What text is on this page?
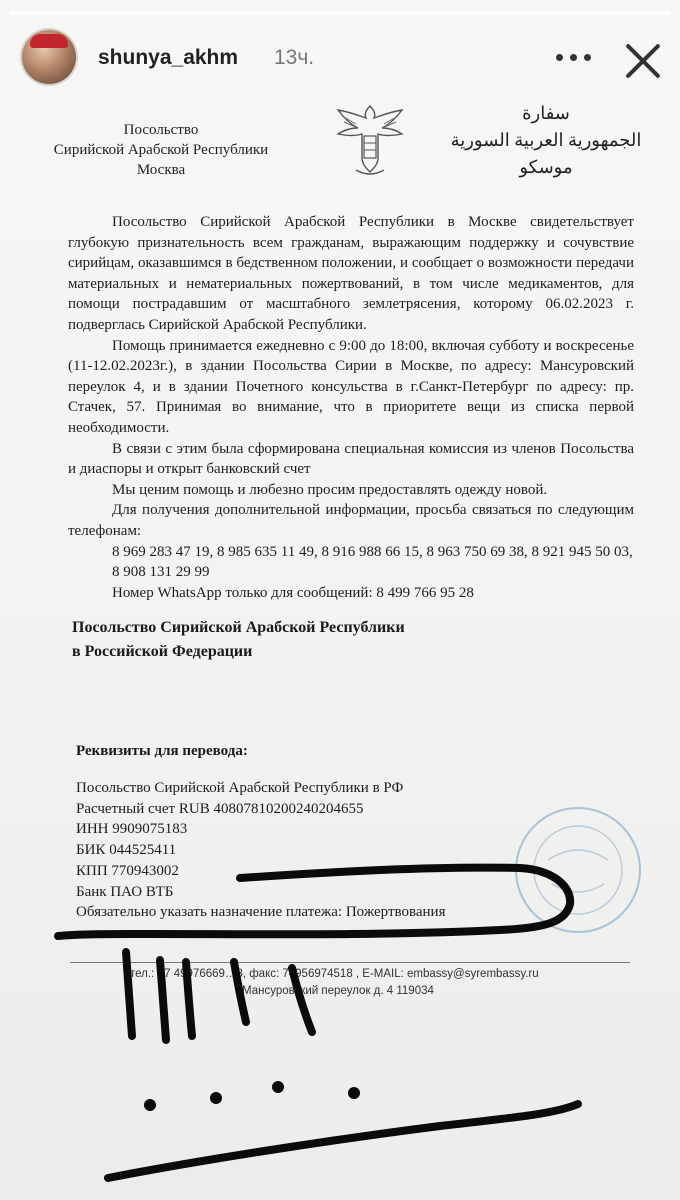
shunya_akhm 13ч.
Посольство
Сирийской Арабской Республики
Москва
سفارة
الجمهورية العربية السورية
موسكو

Посольство Сирийской Арабской Республики в Москве свидетельствует глубокую признательность всем гражданам, выражающим поддержку и сочувствие сирийцам, оказавшимся в бедственном положении, и сообщает о возможности передачи материальных и нематериальных пожертвований, в том числе медикаментов, для помощи пострадавшим от масштабного землетрясения, которому 06.02.2023 г. подверглась Сирийской Арабской Республики.

Помощь принимается ежедневно с 9:00 до 18:00, включая субботу и воскресенье (11-12.02.2023г.), в здании Посольства Сирии в Москве, по адресу: Мансуровский переулок 4, и в здании Почетного консульства в г.Санкт-Петербург по адресу: пр. Стачек, 57. Принимая во внимание, что в приоритете вещи из списка первой необходимости.

В связи с этим была сформирована специальная комиссия из членов Посольства и диаспоры и открыт банковский счет

Мы ценим помощь и любезно просим предоставлять одежду новой.

Для получения дополнительной информации, просьба связаться по следующим телефонам:

8 969 283 47 19, 8 985 635 11 49, 8 916 988 66 15, 8 963 750 69 38, 8 921 945 50 03, 8 908 131 29 99

Номер WhatsApp только для сообщений: 8 499 766 95 28

Посольство Сирийской Арабской Республики
в Российской Федерации
Реквизиты для перевода:
Посольство Сирийской Арабской Республики в РФ
Расчетный счет RUB 40807810200240204655
ИНН 9909075183
БИК 044525411
КПП 770943002
Банк ПАО ВТБ
Обязательно указать назначение платежа: Пожертвования
тел.: +7 49976669…8, факс: 74956974518 , E-MAIL: embassy@syrembassy.ru
Мансуровский переулок д. 4 119034
